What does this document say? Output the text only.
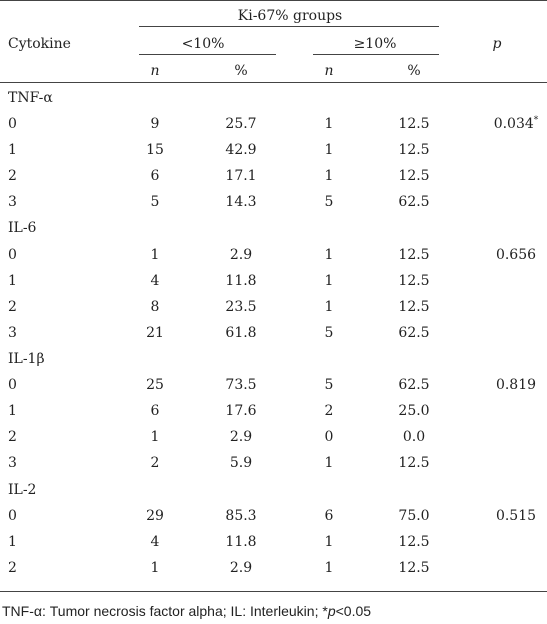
Cytokine
Ki-67% groups
<10%	≥10%	p
n	%	n	%
TNF-α
0	9	25.7	1	12.5	0.034*
1	15	42.9	1	12.5
2	6	17.1	1	12.5
3	5	14.3	5	62.5
IL-6
0	1	2.9	1	12.5	0.656
1	4	11.8	1	12.5
2	8	23.5	1	12.5
3	21	61.8	5	62.5
IL-1β
0	25	73.5	5	62.5	0.819
1	6	17.6	2	25.0
2	1	2.9	0	0.0
3	2	5.9	1	12.5
IL-2
0	29	85.3	6	75.0	0.515
1	4	11.8	1	12.5
2	1	2.9	1	12.5
TNF-α: Tumor necrosis factor alpha; IL: Interleukin; *p<0.05
